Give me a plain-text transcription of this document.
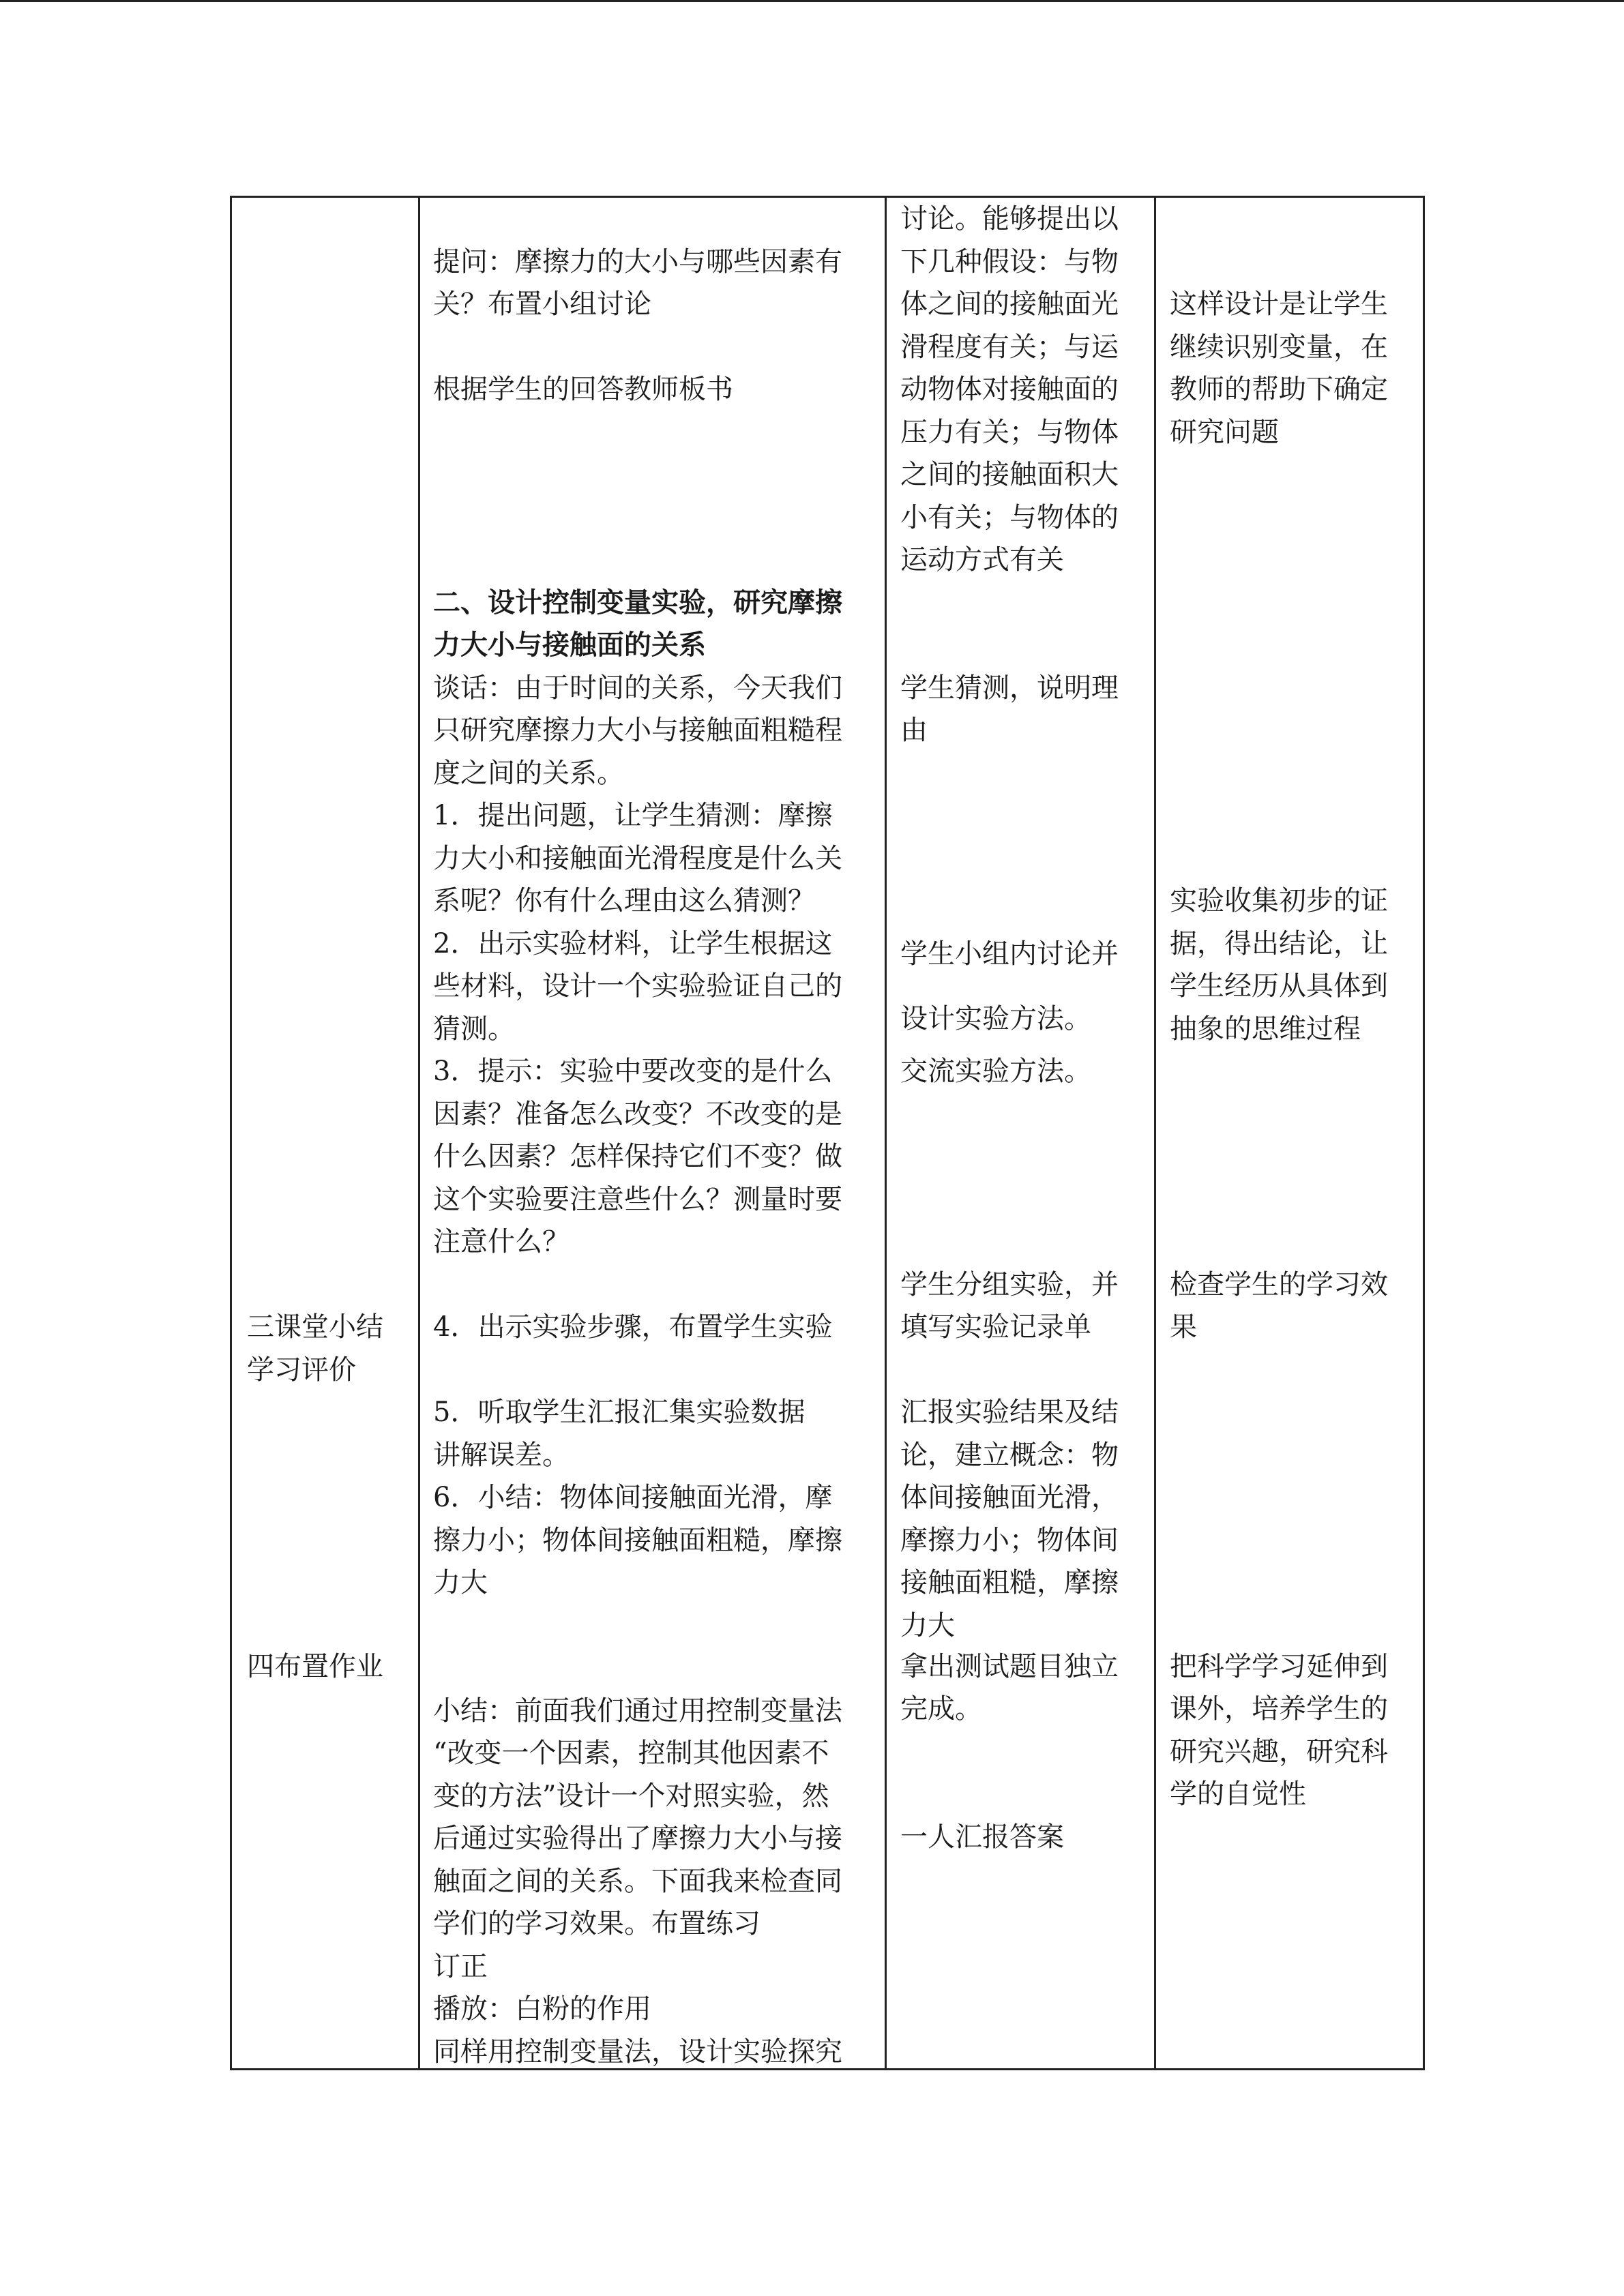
三课堂小结
学习评价
四布置作业
提问：摩擦力的大小与哪些因素有
关？布置小组讨论
根据学生的回答教师板书
二、设计控制变量实验，研究摩擦
力大小与接触面的关系
谈话：由于时间的关系，今天我们
只研究摩擦力大小与接触面粗糙程
度之间的关系。
1．提出问题，让学生猜测：摩擦
力大小和接触面光滑程度是什么关
系呢？你有什么理由这么猜测？
2．出示实验材料，让学生根据这
些材料，设计一个实验验证自己的
猜测。
3．提示：实验中要改变的是什么
因素？准备怎么改变？不改变的是
什么因素？怎样保持它们不变？做
这个实验要注意些什么？测量时要
注意什么？
4．出示实验步骤，布置学生实验
5．听取学生汇报汇集实验数据
讲解误差。
6．小结：物体间接触面光滑，摩
擦力小；物体间接触面粗糙，摩擦
力大
小结：前面我们通过用控制变量法
“改变一个因素，控制其他因素不
变的方法”设计一个对照实验，然
后通过实验得出了摩擦力大小与接
触面之间的关系。下面我来检查同
学们的学习效果。布置练习
订正
播放：白粉的作用
同样用控制变量法，设计实验探究
讨论。能够提出以
下几种假设：与物
体之间的接触面光
滑程度有关；与运
动物体对接触面的
压力有关；与物体
之间的接触面积大
小有关；与物体的
运动方式有关
学生猜测，说明理
由
学生小组内讨论并
设计实验方法。
交流实验方法。
学生分组实验，并
填写实验记录单
汇报实验结果及结
论，建立概念：物
体间接触面光滑，
摩擦力小；物体间
接触面粗糙，摩擦
力大
拿出测试题目独立
完成。
一人汇报答案
这样设计是让学生
继续识别变量，在
教师的帮助下确定
研究问题
实验收集初步的证
据，得出结论，让
学生经历从具体到
抽象的思维过程
检查学生的学习效
果
把科学学习延伸到
课外，培养学生的
研究兴趣，研究科
学的自觉性
